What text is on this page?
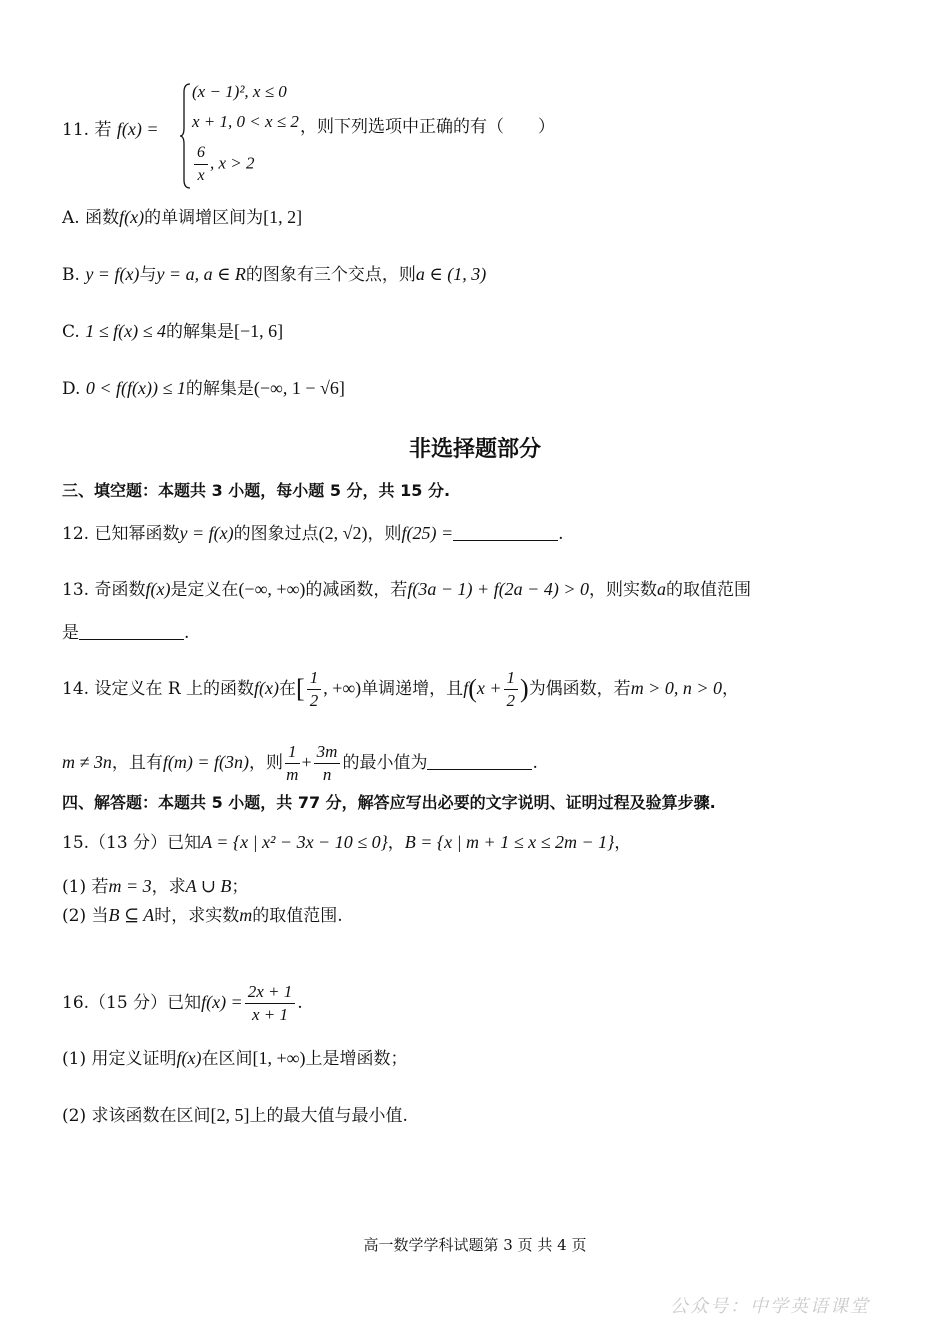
11. 若 f(x) =
(x − 1)², x ≤ 0
x + 1, 0 < x ≤ 2
$\frac{6}{x}$ , x > 2
，则下列选项中正确的有（　　）
A. 函数f(x)的单调增区间为[1, 2]
B. y = f(x)与y = a, a ∈ R的图象有三个交点，则a ∈ (1, 3)
C. 1 ≤ f(x) ≤ 4的解集是[−1, 6]
D. 0 < f(f(x)) ≤ 1的解集是(−∞, 1 − √6]
非选择题部分
三、填空题：本题共 3 小题，每小题 5 分，共 15 分.
12. 已知幂函数y = f(x)的图象过点(2, √2)，则f(25) =	.
13. 奇函数f(x)是定义在(−∞, +∞)的减函数，若f(3a − 1) + f(2a − 4) > 0，则实数a的取值范围
是	.
14. 设定义在 R 上的函数f(x)在[ $\frac{1}{2}$ , +∞)单调递增，且$f(x + \frac{1}{2}$ )为偶函数，若m > 0, n > 0，
m ≠ 3n，且有f(m) = f(3n)，则 $\frac{1}{m} + \frac{3m}{n}$ 的最小值为	.
四、解答题：本题共 5 小题，共 77 分，解答应写出必要的文字说明、证明过程及验算步骤.
15.（13 分）已知A = {x | x² − 3x − 10 ≤ 0}，B = {x | m + 1 ≤ x ≤ 2m − 1}，
(1) 若m = 3，求A ∪ B；
(2) 当B ⊆ A时，求实数m的取值范围.
16.（15 分）已知$f(x) = \frac{2x + 1}{x + 1}$ .
(1) 用定义证明f(x)在区间[1, +∞)上是增函数；
(2) 求该函数在区间[2, 5]上的最大值与最小值.
高一数学学科试题第 3 页 共 4 页
公众号：中学英语课堂
